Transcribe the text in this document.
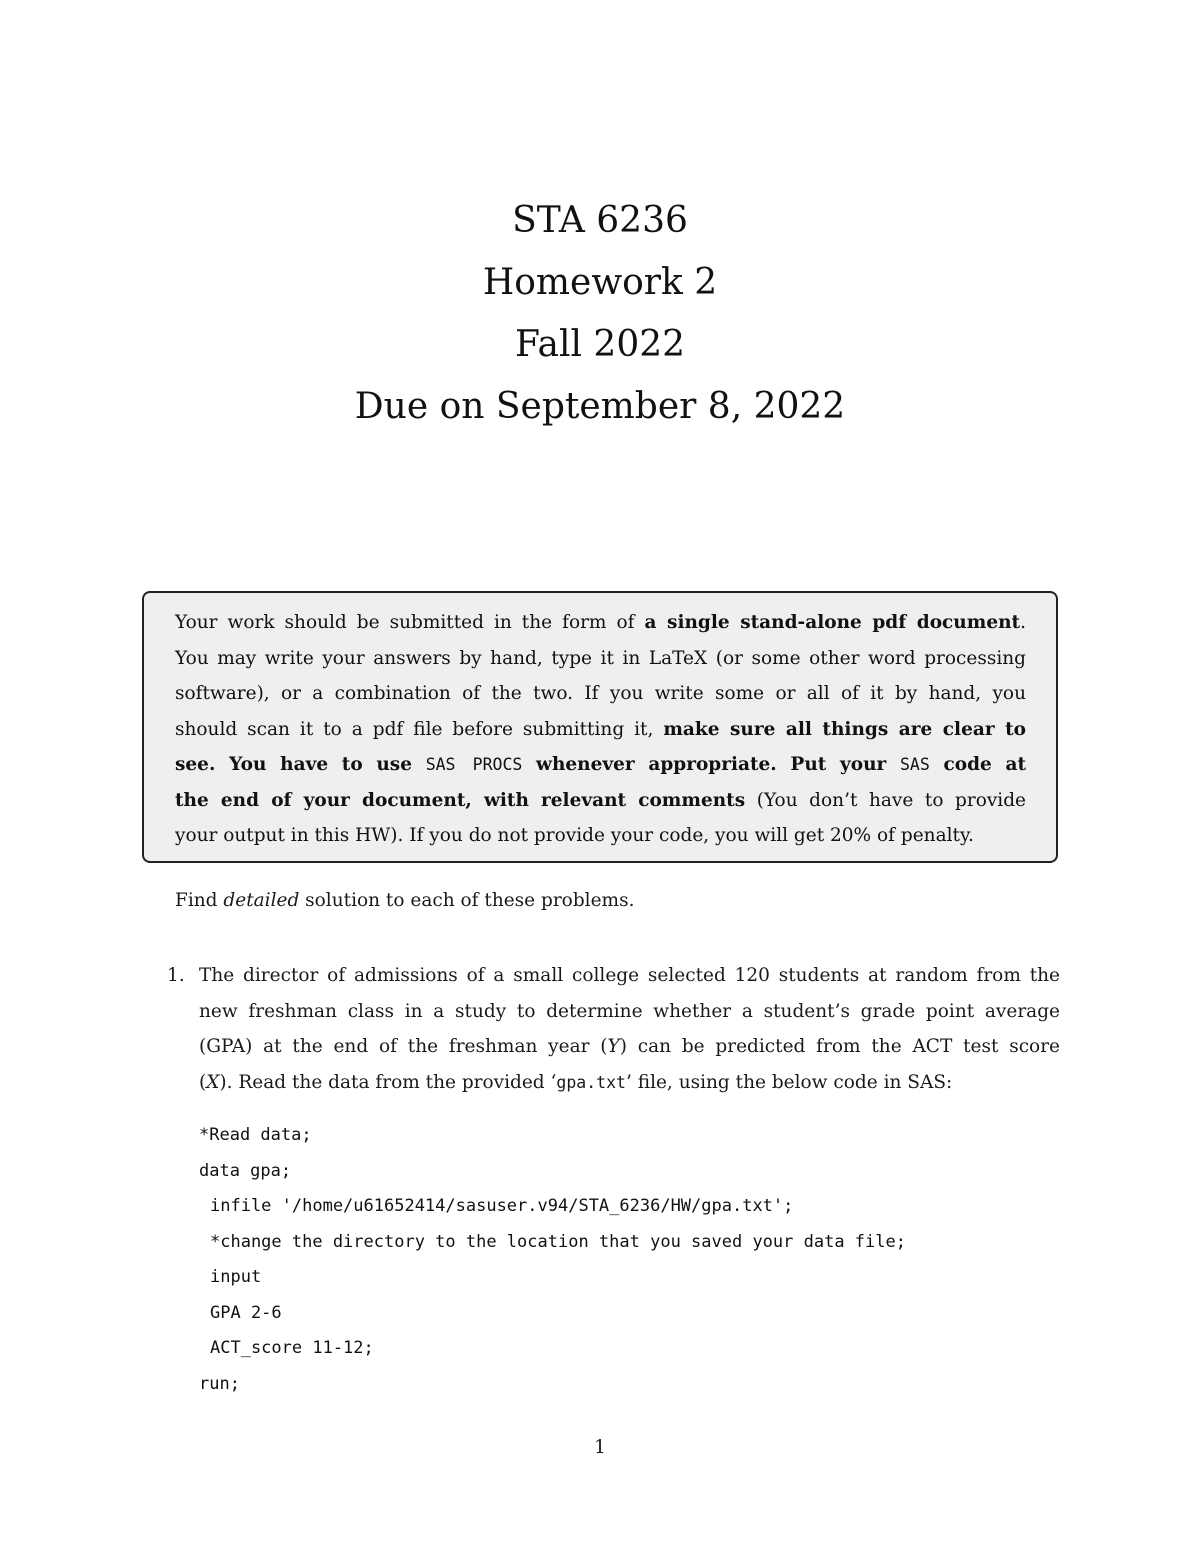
STA 6236
Homework 2
Fall 2022
Due on September 8, 2022
Your work should be submitted in the form of a single stand-alone pdf document.
You may write your answers by hand, type it in LaTeX (or some other word processing
software), or a combination of the two. If you write some or all of it by hand, you
should scan it to a pdf file before submitting it, make sure all things are clear to
see. You have to use SAS PROCS whenever appropriate. Put your SAS code at
the end of your document, with relevant comments (You don’t have to provide
your output in this HW). If you do not provide your code, you will get 20% of penalty.
Find detailed solution to each of these problems.
1. The director of admissions of a small college selected 120 students at random from the
new freshman class in a study to determine whether a student’s grade point average
(GPA) at the end of the freshman year (Y) can be predicted from the ACT test score
(X). Read the data from the provided ‘gpa.txt’ file, using the below code in SAS:
*Read data;
data gpa;
infile '/home/u61652414/sasuser.v94/STA_6236/HW/gpa.txt';
*change the directory to the location that you saved your data file;
input
GPA 2-6
ACT_score 11-12;
run;
1
